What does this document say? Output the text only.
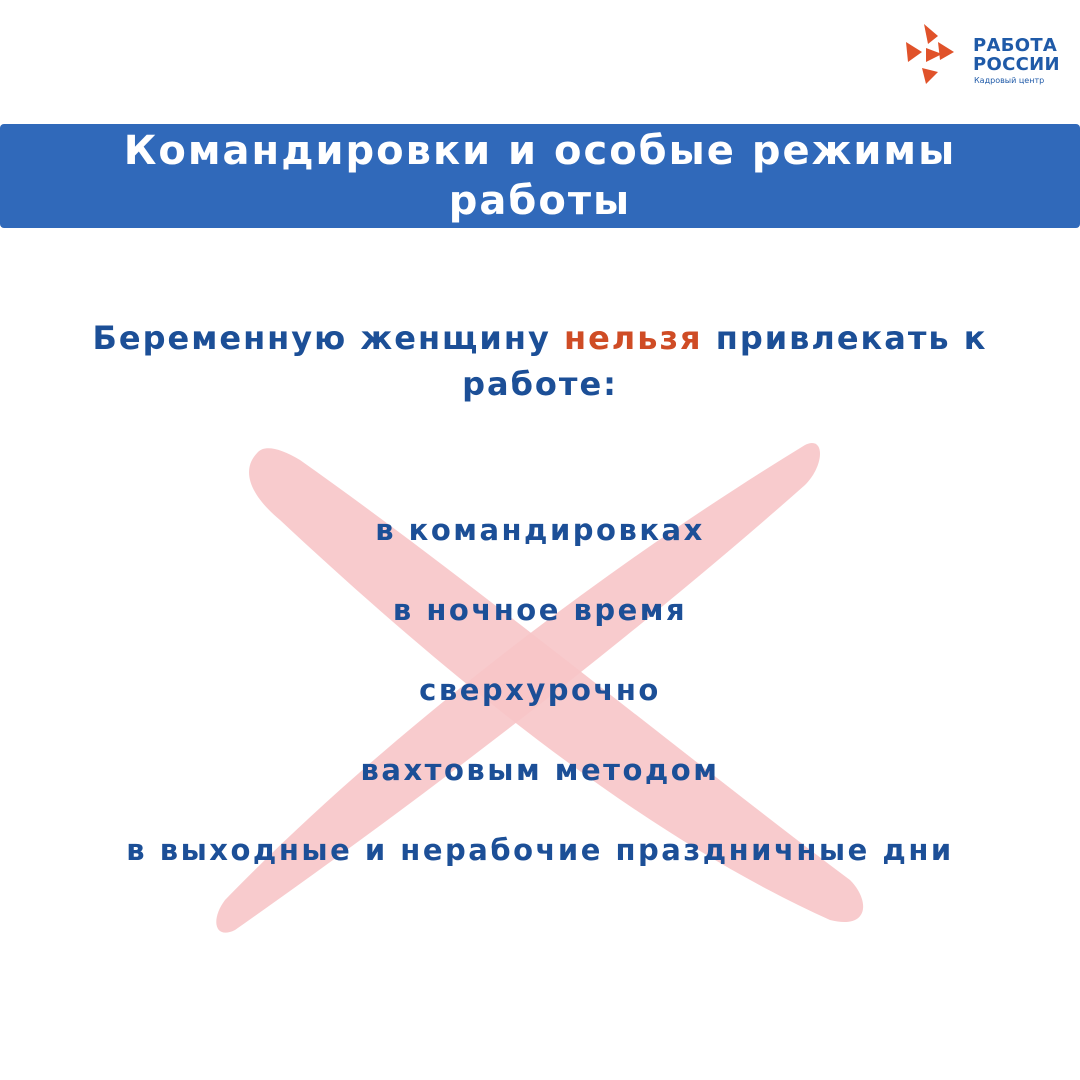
РАБОТА
РОССИИ
Кадровый центр
Командировки и особые режимы работы

Беременную женщину нельзя привлекать к работе:

в командировках
в ночное время
сверхурочно
вахтовым методом
в выходные и нерабочие праздничные дни
